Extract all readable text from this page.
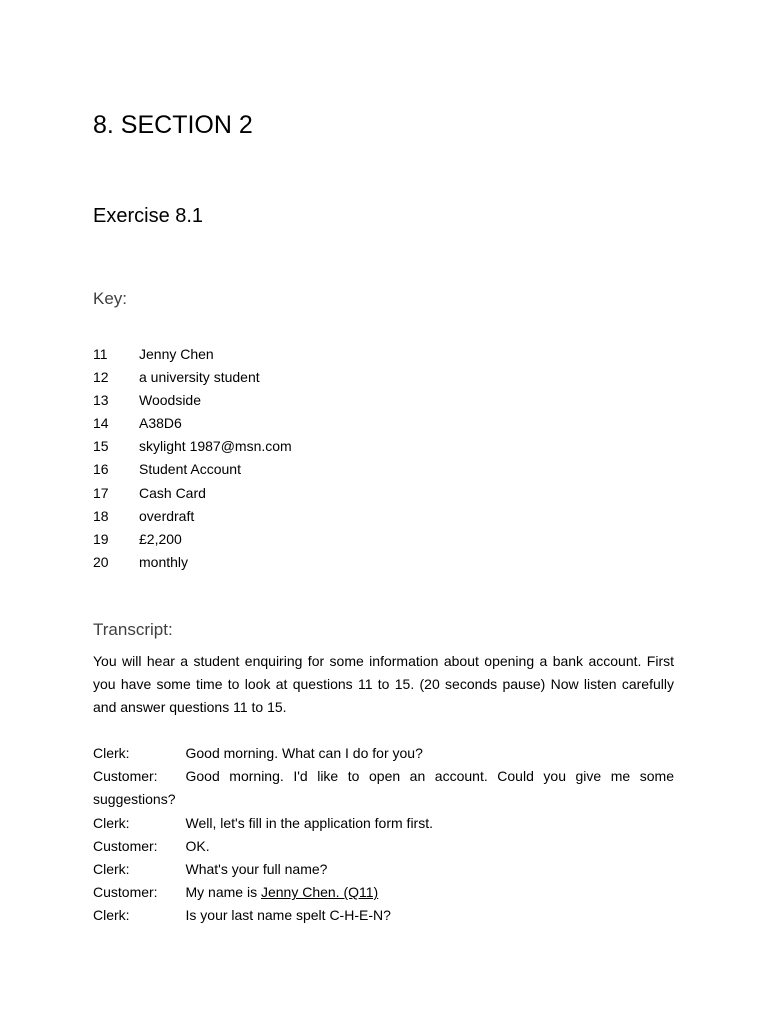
8. SECTION 2
Exercise 8.1
Key:
11 Jenny Chen
12 a university student
13 Woodside
14 A38D6
15 skylight 1987@msn.com
16 Student Account
17 Cash Card
18 overdraft
19 £2,200
20 monthly
Transcript:

You will hear a student enquiring for some information about opening a bank account. First you have some time to look at questions 11 to 15. (20 seconds pause) Now listen carefully and answer questions 11 to 15.

Clerk:	Good morning. What can I do for you?
Customer: Good morning. I'd like to open an account. Could you give me some suggestions?
Clerk:	Well, let's fill in the application form first.
Customer: OK.
Clerk:	What's your full name?
Customer: My name is Jenny Chen. (Q11)
Clerk:	Is your last name spelt C-H-E-N?
